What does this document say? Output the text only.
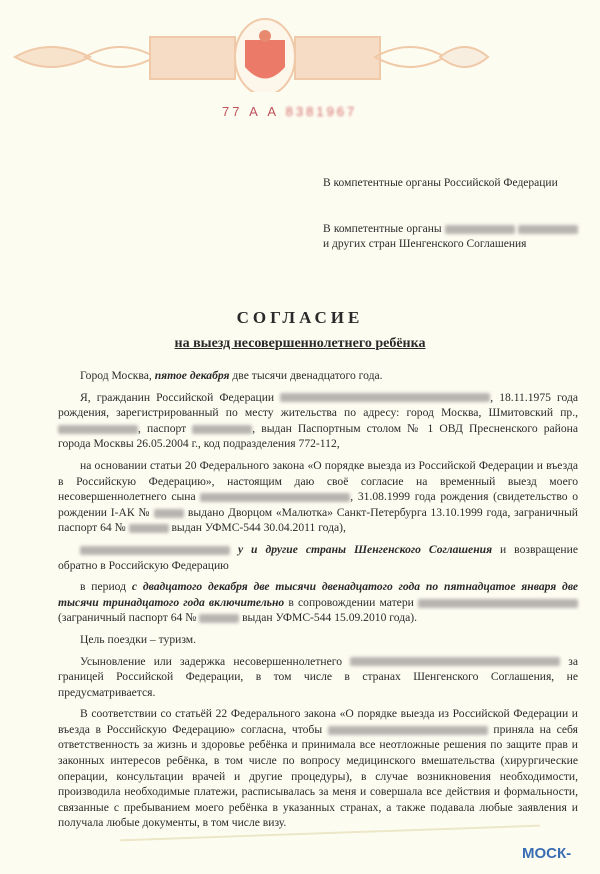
77 А А 8381967
В компетентные органы Российской Федерации
В компетентные органы   и других стран Шенгенского Соглашения
СОГЛАСИЕ
на выезд несовершеннолетнего ребёнка

Город Москва, пятое декабря две тысячи двенадцатого года.

Я, гражданин Российской Федерации	, 18.11.1975 года рождения, зарегистрированный по месту жительства по адресу: город Москва, Шмитовский пр., , паспорт	, выдан Паспортным столом № 1 ОВД Пресненского района города Москвы 26.05.2004 г., код подразделения 772-112,

на основании статьи 20 Федерального закона «О порядке выезда из Российской Федерации и въезда в Российскую Федерацию», настоящим даю своё согласие на временный выезд моего несовершеннолетнего сына	, 31.08.1999 года рождения (свидетельство о рождении I-АК №	выдано Дворцом «Малютка» Санкт-Петербурга 13.10.1999 года, заграничный паспорт 64 №	выдан УФМС-544 30.04.2011 года),

у и другие страны Шенгенского Соглашения и возвращение обратно в Российскую Федерацию

в период с двадцатого декабря две тысячи двенадцатого года по пятнадцатое января две тысячи тринадцатого года включительно в сопровождении матери  (заграничный паспорт 64 №	выдан УФМС-544 15.09.2010 года).

Цель поездки – туризм.

Усыновление или задержка несовершеннолетнего	за границей Российской Федерации, в том числе в странах Шенгенского Соглашения, не предусматривается.

В соответствии со статьёй 22 Федерального закона «О порядке выезда из Российской Федерации и въезда в Российскую Федерацию» согласна, чтобы	приняла на себя ответственность за жизнь и здоровье ребёнка и принимала все неотложные решения по защите прав и законных интересов ребёнка, в том числе по вопросу медицинского вмешательства (хирургические операции, консультации врачей и другие процедуры), в случае возникновения необходимости, производила необходимые платежи, расписывалась за меня и совершала все действия и формальности, связанные с пребыванием моего ребёнка в указанных странах, а также подавала любые заявления и получала любые документы, в том числе визу.

МОСК-
